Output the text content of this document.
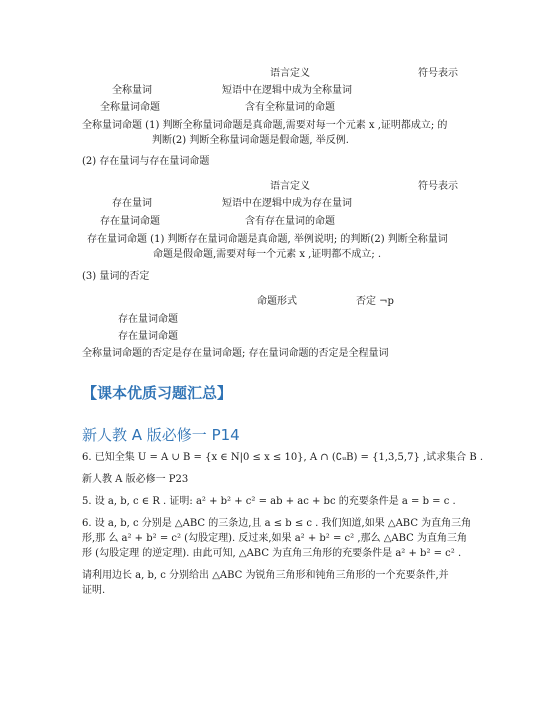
语言定义	符号表示
全称量词	短语中在逻辑中成为全称量词
全称量词命题	含有全称量词的命题
全称量词命题 (1) 判断全称量词命题是真命题,需要对每一个元素 x ,证明都成立; 的
判断(2) 判断全称量词命题是假命题, 举反例.
(2) 存在量词与存在量词命题
语言定义	符号表示
存在量词	短语中在逻辑中成为存在量词
存在量词命题	含有存在量词的命题
存在量词命题 (1) 判断存在量词命题是真命题, 举例说明; 的判断(2) 判断全称量词
命题是假命题,需要对每一个元素 x ,证明都不成立; .
(3) 量词的否定
命题形式	否定 ¬p
存在量词命题
存在量词命题
全称量词命题的否定是存在量词命题; 存在量词命题的否定是全程量词
【课本优质习题汇总】
新人教 A 版必修一 P14
6. 已知全集 U = A ∪ B = {x ∈ N|0 ≤ x ≤ 10}, A ∩ (∁ᵤB) = {1,3,5,7} ,试求集合 B .
新人教 A 版必修一 P23
5. 设 a, b, c ∈ R . 证明: a² + b² + c² = ab + ac + bc 的充要条件是 a = b = c .
6. 设 a, b, c 分别是 △ABC 的三条边,且 a ≤ b ≤ c . 我们知道,如果 △ABC 为直角三角
形,那 么 a² + b² = c² (勾股定理). 反过来,如果 a² + b² = c² ,那么 △ABC 为直角三角
形 (勾股定理 的逆定理). 由此可知, △ABC 为直角三角形的充要条件是 a² + b² = c² .
请利用边长 a, b, c 分别给出 △ABC 为锐角三角形和钝角三角形的一个充要条件,并
证明.
